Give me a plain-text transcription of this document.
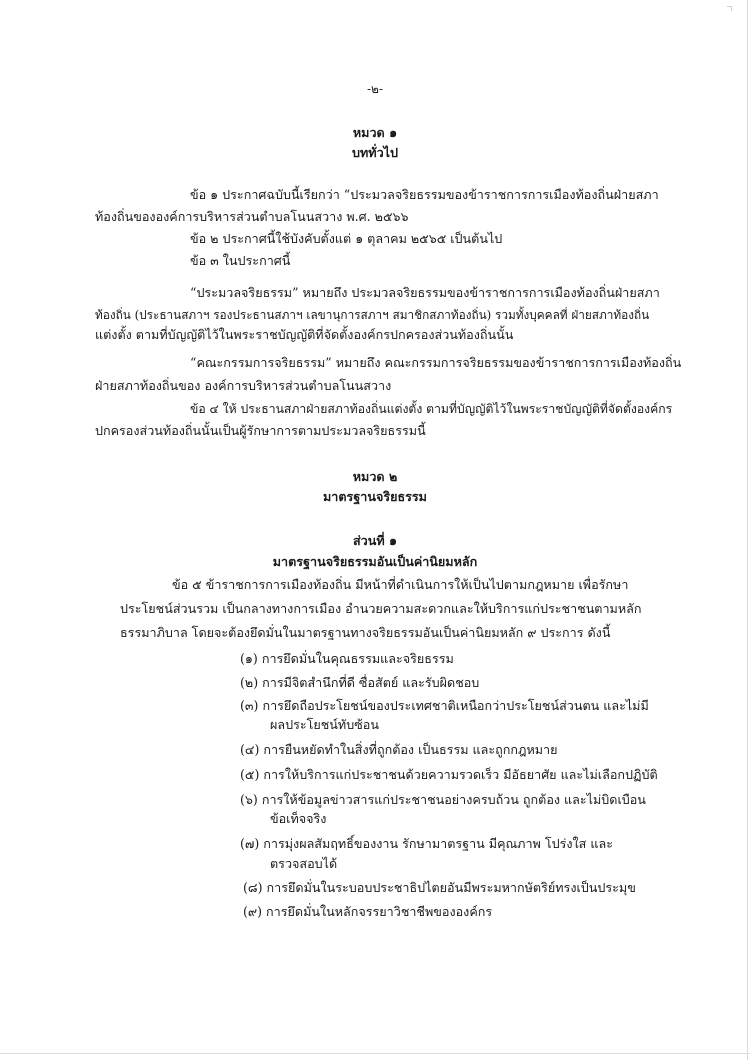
-๒-
หมวด ๑
บททั่วไป
ข้อ ๑ ประกาศฉบับนี้เรียกว่า “ประมวลจริยธรรมของข้าราชการการเมืองท้องถิ่นฝ่ายสภา
ท้องถิ่นขององค์การบริหารส่วนตำบลโนนสวาง พ.ศ. ๒๕๖๖
ข้อ ๒ ประกาศนี้ใช้บังคับตั้งแต่ ๑ ตุลาคม ๒๕๖๕ เป็นต้นไป
ข้อ ๓ ในประกาศนี้
“ประมวลจริยธรรม” หมายถึง ประมวลจริยธรรมของข้าราชการการเมืองท้องถิ่นฝ่ายสภา
ท้องถิ่น (ประธานสภาฯ รองประธานสภาฯ เลขานุการสภาฯ สมาชิกสภาท้องถิ่น) รวมทั้งบุคคลที่ ฝ่ายสภาท้องถิ่น
แต่งตั้ง ตามที่บัญญัติไว้ในพระราชบัญญัติที่จัดตั้งองค์กรปกครองส่วนท้องถิ่นนั้น
“คณะกรรมการจริยธรรม” หมายถึง คณะกรรมการจริยธรรมของข้าราชการการเมืองท้องถิ่น
ฝ่ายสภาท้องถิ่นของ องค์การบริหารส่วนตำบลโนนสวาง
ข้อ ๔ ให้ ประธานสภาฝ่ายสภาท้องถิ่นแต่งตั้ง ตามที่บัญญัติไว้ในพระราชบัญญัติที่จัดตั้งองค์กร
ปกครองส่วนท้องถิ่นนั้นเป็นผู้รักษาการตามประมวลจริยธรรมนี้
หมวด ๒
มาตรฐานจริยธรรม
ส่วนที่ ๑
มาตรฐานจริยธรรมอันเป็นค่านิยมหลัก
ข้อ ๕ ข้าราชการการเมืองท้องถิ่น มีหน้าที่ดำเนินการให้เป็นไปตามกฎหมาย เพื่อรักษา
ประโยชน์ส่วนรวม เป็นกลางทางการเมือง อำนวยความสะดวกและให้บริการแก่ประชาชนตามหลัก
ธรรมาภิบาล โดยจะต้องยึดมั่นในมาตรฐานทางจริยธรรมอันเป็นค่านิยมหลัก ๙ ประการ ดังนี้
(๑) การยึดมั่นในคุณธรรมและจริยธรรม
(๒) การมีจิตสำนึกที่ดี ซื่อสัตย์ และรับผิดชอบ
(๓) การยึดถือประโยชน์ของประเทศชาติเหนือกว่าประโยชน์ส่วนตน และไม่มี
ผลประโยชน์ทับซ้อน
(๔) การยืนหยัดทำในสิ่งที่ถูกต้อง เป็นธรรม และถูกกฎหมาย
(๕) การให้บริการแก่ประชาชนด้วยความรวดเร็ว มีอัธยาศัย และไม่เลือกปฏิบัติ
(๖) การให้ข้อมูลข่าวสารแก่ประชาชนอย่างครบถ้วน ถูกต้อง และไม่บิดเบือน
ข้อเท็จจริง
(๗) การมุ่งผลสัมฤทธิ์ของงาน รักษามาตรฐาน มีคุณภาพ โปร่งใส และ
ตรวจสอบได้
(๘) การยึดมั่นในระบอบประชาธิปไตยอันมีพระมหากษัตริย์ทรงเป็นประมุข
(๙) การยึดมั่นในหลักจรรยาวิชาชีพขององค์กร
